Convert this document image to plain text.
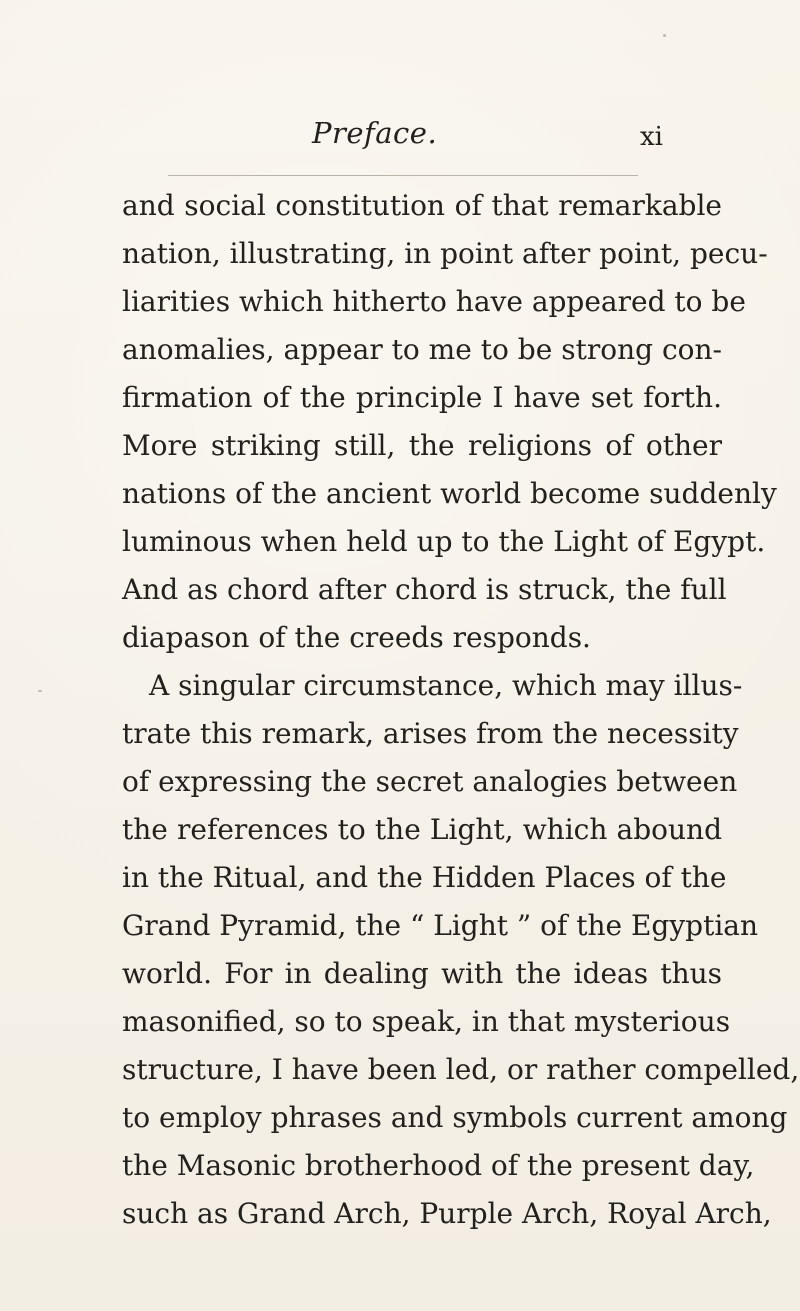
Preface.	xi
and social constitution of that remarkable
nation, illustrating, in point after point, pecu-
liarities which hitherto have appeared to be
anomalies, appear to me to be strong con-
firmation of the principle I have set forth.
More striking still, the religions of other
nations of the ancient world become suddenly
luminous when held up to the Light of Egypt.
And as chord after chord is struck, the full
diapason of the creeds responds.
A singular circumstance, which may illus-
trate this remark, arises from the necessity
of expressing the secret analogies between
the references to the Light, which abound
in the Ritual, and the Hidden Places of the
Grand Pyramid, the “ Light ” of the Egyptian
world. For in dealing with the ideas thus
masonified, so to speak, in that mysterious
structure, I have been led, or rather compelled,
to employ phrases and symbols current among
the Masonic brotherhood of the present day,
such as Grand Arch, Purple Arch, Royal Arch,
